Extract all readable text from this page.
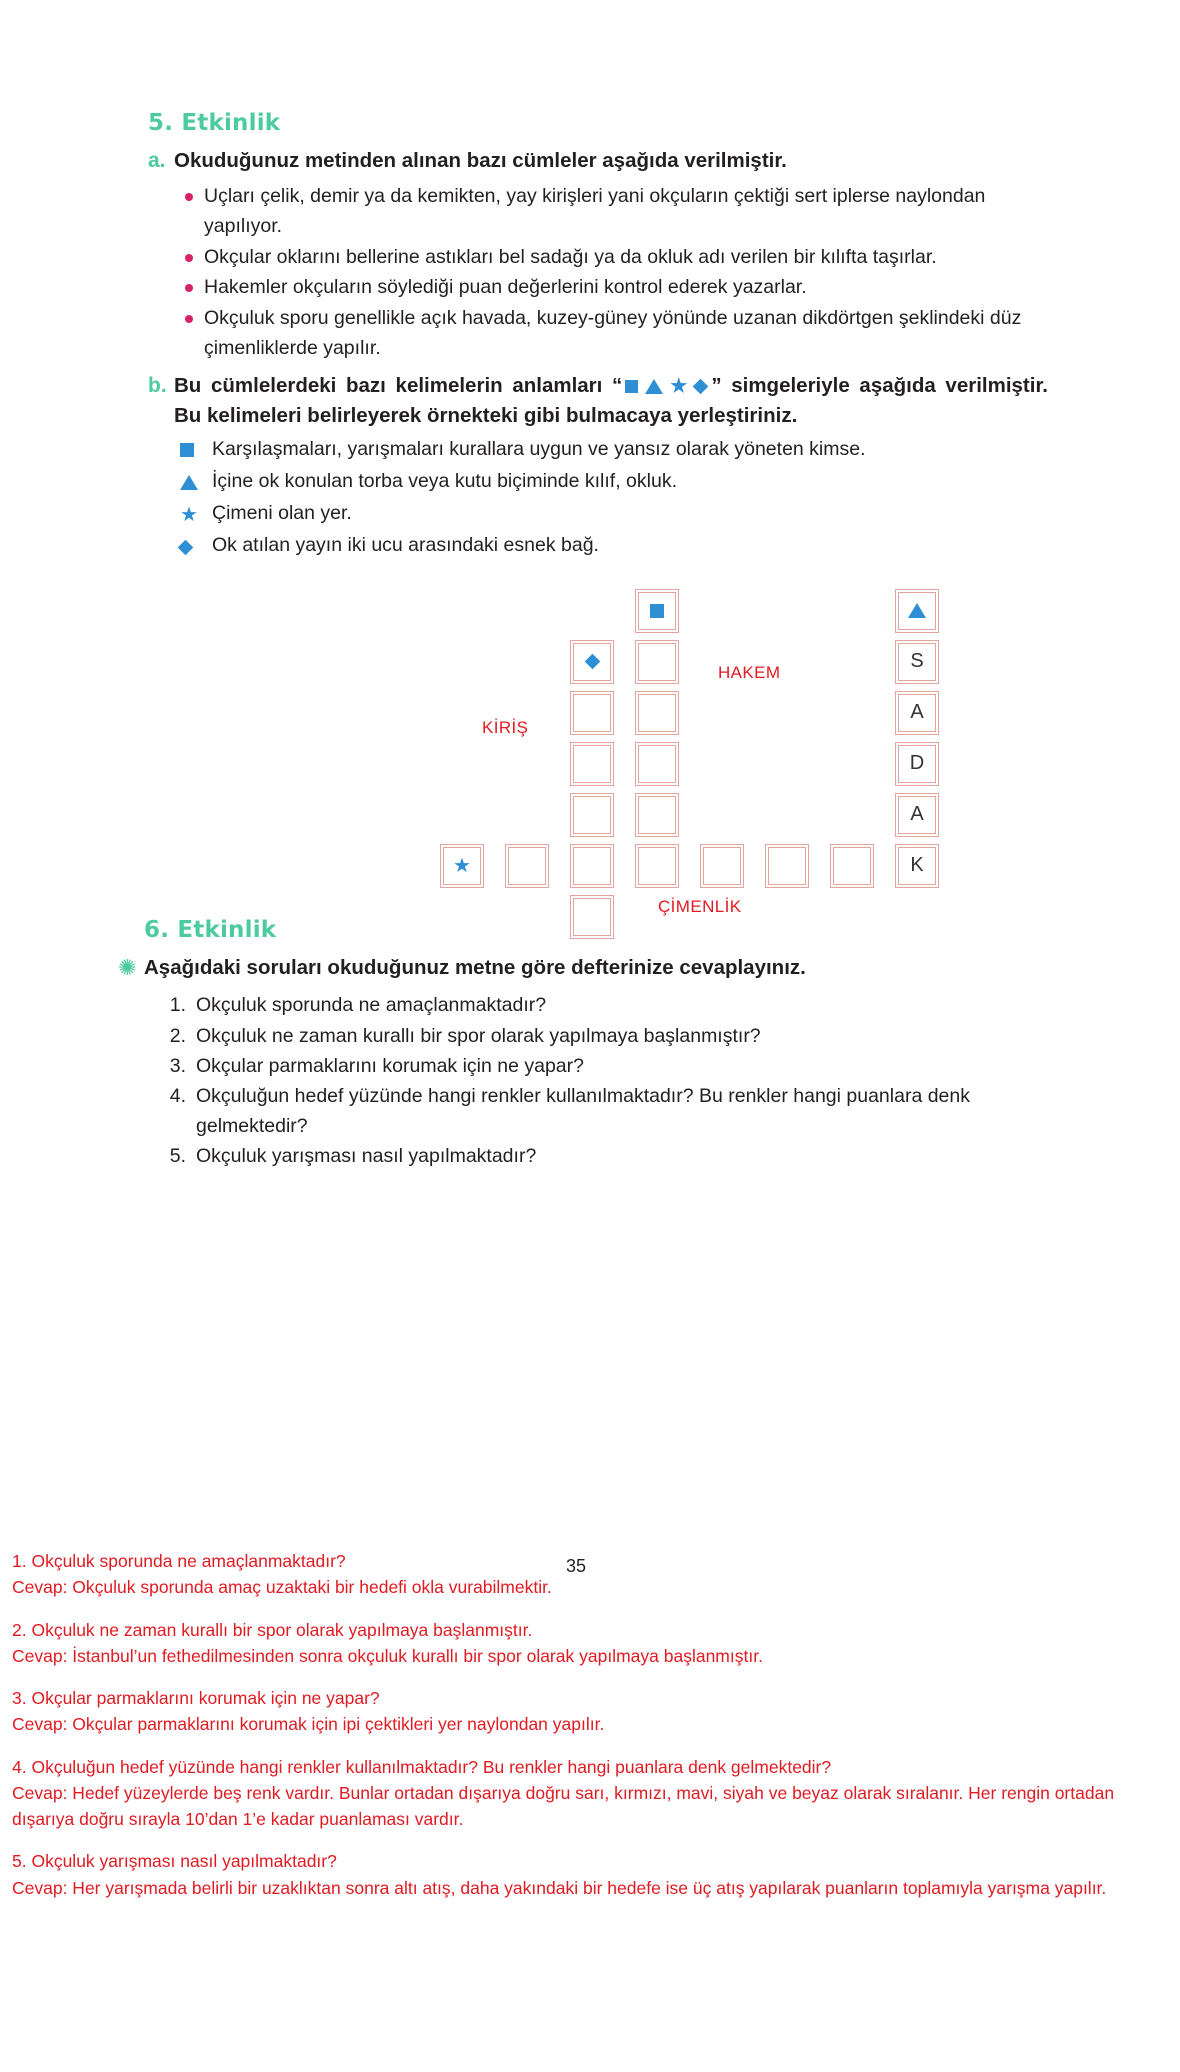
5. Etkinlik
a. Okuduğunuz metinden alınan bazı cümleler aşağıda verilmiştir.
Uçları çelik, demir ya da kemikten, yay kirişleri yani okçuların çektiği sert iplerse naylondan yapılıyor.
Okçular oklarını bellerine astıkları bel sadağı ya da okluk adı verilen bir kılıfta taşırlar.
Hakemler okçuların söylediği puan değerlerini kontrol ederek yazarlar.
Okçuluk sporu genellikle açık havada, kuzey-güney yönünde uzanan dikdörtgen şeklindeki düz çimenliklerde yapılır.
b. Bu cümlelerdeki bazı kelimelerin anlamları “	★ ” simgeleriyle aşağıda verilmiştir. Bu kelimeleri belirleyerek örnekteki gibi bulmacaya yerleştiriniz.
Karşılaşmaları, yarışmaları kurallara uygun ve yansız olarak yöneten kimse.
İçine ok konulan torba veya kutu biçiminde kılıf, okluk.
★ Çimeni olan yer.
Ok atılan yayın iki ucu arasındaki esnek bağ.
★
S
A
D
A
K
HAKEM
KİRİŞ
ÇİMENLİK
6. Etkinlik
✺ Aşağıdaki soruları okuduğunuz metne göre defterinize cevaplayınız.
1. Okçuluk sporunda ne amaçlanmaktadır?
2. Okçuluk ne zaman kurallı bir spor olarak yapılmaya başlanmıştır?
3. Okçular parmaklarını korumak için ne yapar?
4. Okçuluğun hedef yüzünde hangi renkler kullanılmaktadır? Bu renkler hangi puanlara denk gelmektedir?
5. Okçuluk yarışması nasıl yapılmaktadır?
35

1. Okçuluk sporunda ne amaçlanmaktadır?

Cevap: Okçuluk sporunda amaç uzaktaki bir hedefi okla vurabilmektir.

2. Okçuluk ne zaman kurallı bir spor olarak yapılmaya başlanmıştır.

Cevap: İstanbul’un fethedilmesinden sonra okçuluk kurallı bir spor olarak yapılmaya başlanmıştır.

3. Okçular parmaklarını korumak için ne yapar?

Cevap: Okçular parmaklarını korumak için ipi çektikleri yer naylondan yapılır.

4. Okçuluğun hedef yüzünde hangi renkler kullanılmaktadır? Bu renkler hangi puanlara denk gelmektedir?

Cevap: Hedef yüzeylerde beş renk vardır. Bunlar ortadan dışarıya doğru sarı, kırmızı, mavi, siyah ve beyaz olarak sıralanır. Her rengin ortadan dışarıya doğru sırayla 10’dan 1’e kadar puanlaması vardır.

5. Okçuluk yarışması nasıl yapılmaktadır?

Cevap: Her yarışmada belirli bir uzaklıktan sonra altı atış, daha yakındaki bir hedefe ise üç atış yapılarak puanların toplamıyla yarışma yapılır.
